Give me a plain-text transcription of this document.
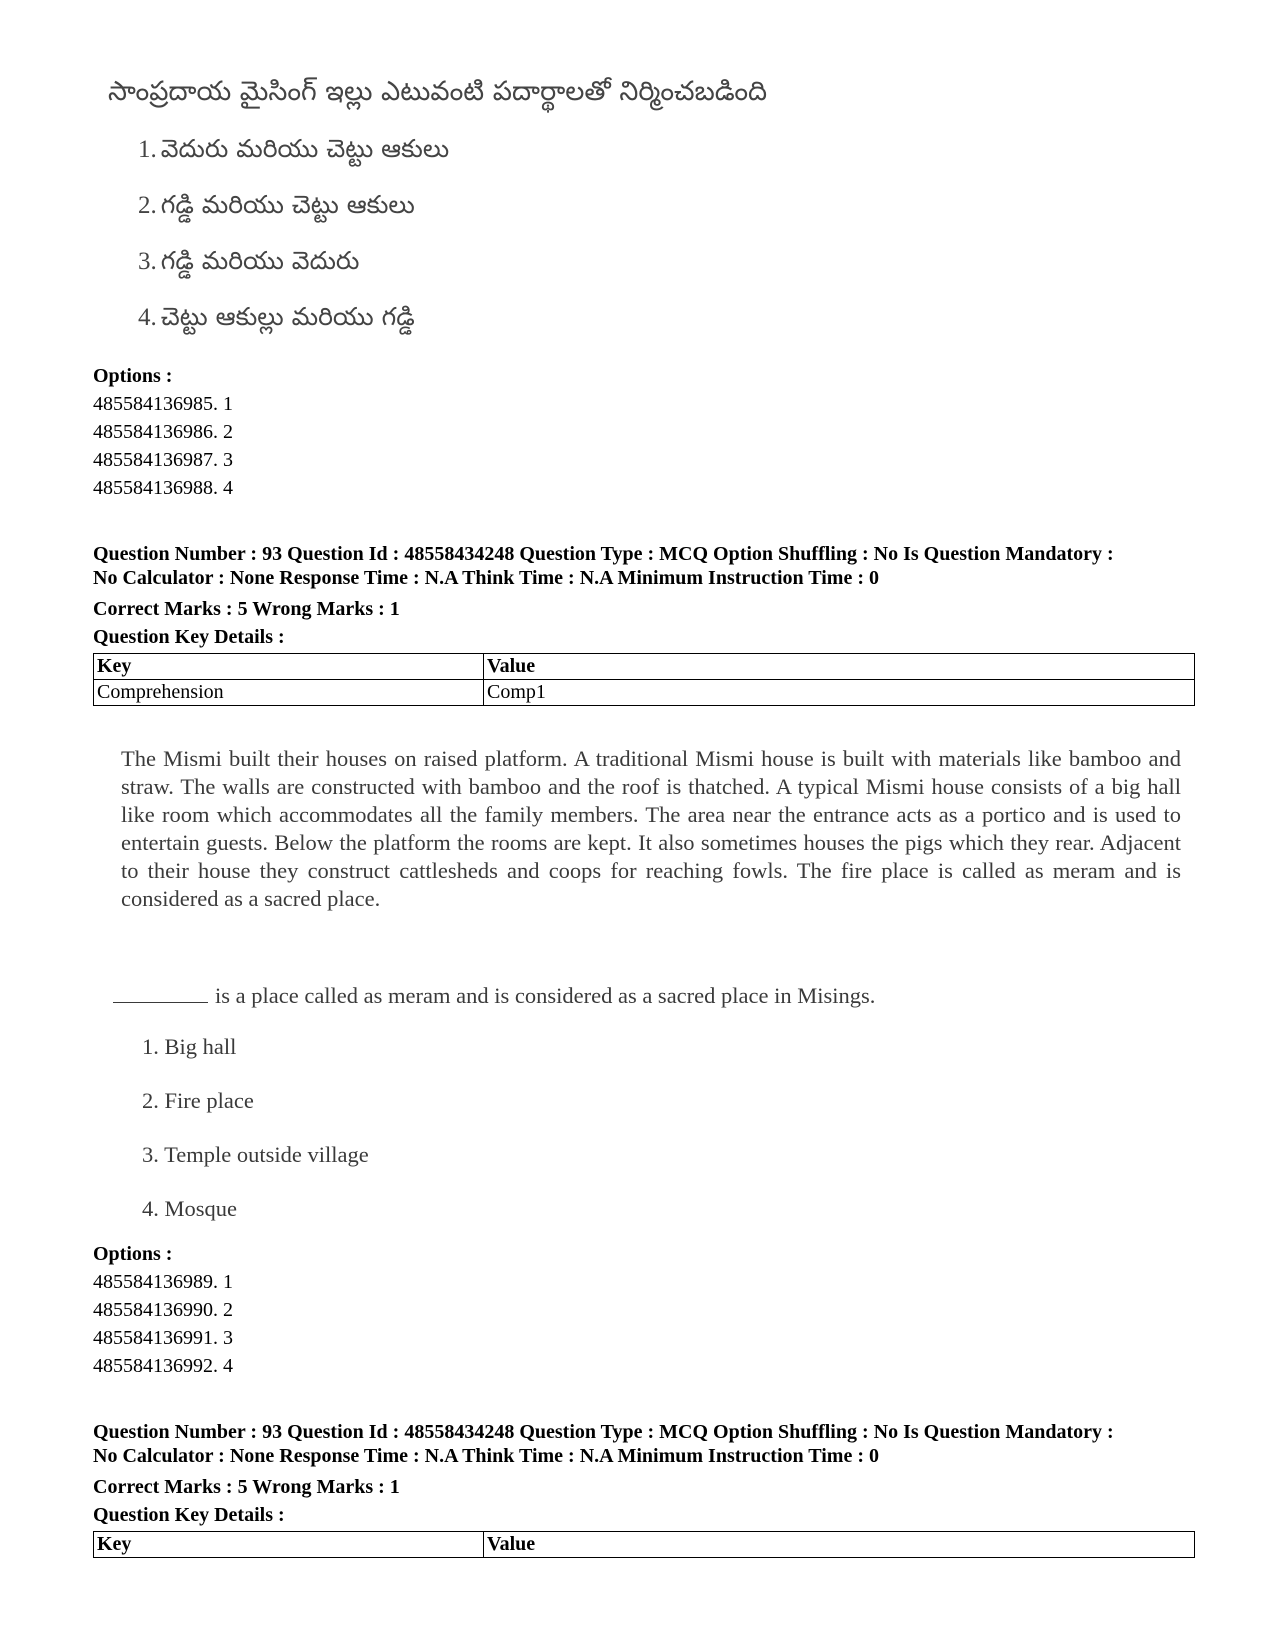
సాంప్రదాయ మైసింగ్ ఇల్లు ఎటువంటి పదార్థాలతో నిర్మించబడింది
1. వెదురు మరియు చెట్టు ఆకులు
2. గడ్డి మరియు చెట్టు ఆకులు
3. గడ్డి మరియు వెదురు
4. చెట్టు ఆకుల్లు మరియు గడ్డి
Options :
485584136985. 1
485584136986. 2
485584136987. 3
485584136988. 4
Question Number : 93 Question Id : 48558434248 Question Type : MCQ Option Shuffling : No Is Question Mandatory :
No Calculator : None Response Time : N.A Think Time : N.A Minimum Instruction Time : 0
Correct Marks : 5 Wrong Marks : 1
Question Key Details :
Key	Value
Comprehension	Comp1
The Mismi built their houses on raised platform. A traditional Mismi house is built with materials like bamboo and straw. The walls are constructed with bamboo and the roof is thatched. A typical Mismi house consists of a big hall like room which accommodates all the family members. The area near the entrance acts as a portico and is used to entertain guests. Below the platform the rooms are kept. It also sometimes houses the pigs which they rear. Adjacent to their house they construct cattlesheds and coops for reaching fowls. The fire place is called as meram and is considered as a sacred place.
is a place called as meram and is considered as a sacred place in Misings.
1. Big hall
2. Fire place
3. Temple outside village
4. Mosque
Options :
485584136989. 1
485584136990. 2
485584136991. 3
485584136992. 4
Question Number : 93 Question Id : 48558434248 Question Type : MCQ Option Shuffling : No Is Question Mandatory :
No Calculator : None Response Time : N.A Think Time : N.A Minimum Instruction Time : 0
Correct Marks : 5 Wrong Marks : 1
Question Key Details :
Key	Value
